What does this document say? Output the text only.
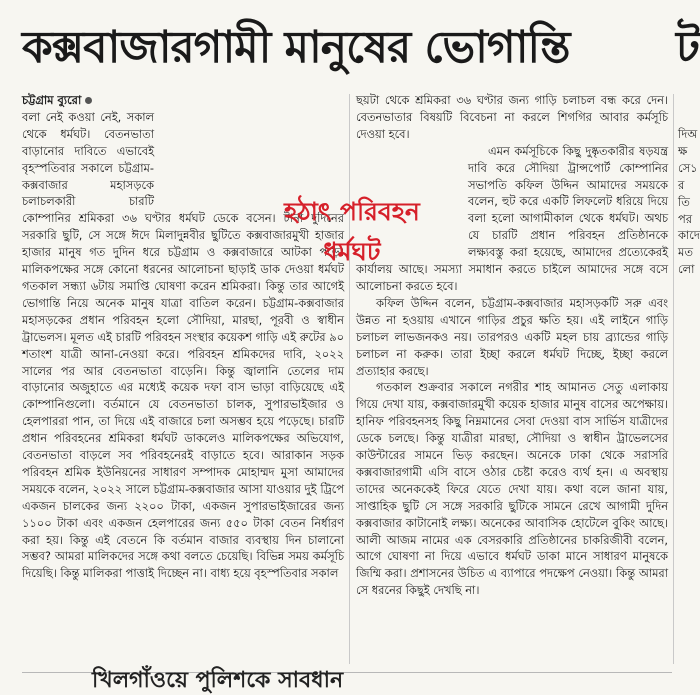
কক্সবাজারগামী মানুষের ভোগান্তি	ট
চট্টগ্রাম ব্যুরো

বলা নেই কওয়া নেই, সকাল থেকে ধর্মঘট। বেতনভাতা বাড়ানোর দাবিতে এভাবেই বৃহস্পতিবার সকালে চট্টগ্রাম-কক্সবাজার মহাসড়কে চলাচলকারী চারটি কোম্পানির শ্রমিকরা ৩৬ ঘণ্টার ধর্মঘট ডেকে বসেন। টানা দুদিনের সরকারি ছুটি, সে সঙ্গে ঈদে মিলাদুন্নবীর ছুটিতে কক্সবাজারমুখী হাজার হাজার মানুষ গত দুদিন ধরে চট্টগ্রাম ও কক্সবাজারে আটকা পড়ে। মালিকপক্ষের সঙ্গে কোনো ধরনের আলোচনা ছাড়াই ডাক দেওয়া ধর্মঘট গতকাল সন্ধ্যা ৬টায় সমাপ্তি ঘোষণা করেন শ্রমিকরা। কিন্তু তার আগেই ভোগান্তি নিয়ে অনেক মানুষ যাত্রা বাতিল করেন। চট্টগ্রাম-কক্সবাজার মহাসড়কের প্রধান পরিবহন হলো সৌদিয়া, মারছা, পূরবী ও স্বাধীন ট্রাভেলস। মূলত এই চারটি পরিবহন সংস্থার কয়েকশ গাড়ি এই রুটের ৯০ শতাংশ যাত্রী আনা-নেওয়া করে। পরিবহন শ্রমিকদের দাবি, ২০২২ সালের পর আর বেতনভাতা বাড়েনি। কিন্তু জ্বালানি তেলের দাম বাড়ানোর অজুহাতে এর মধ্যেই কয়েক দফা বাস ভাড়া বাড়িয়েছে এই কোম্পানিগুলো। বর্তমানে যে বেতনভাতা চালক, সুপারভাইজার ও হেলপাররা পান, তা দিয়ে এই বাজারে চলা অসম্ভব হয়ে পড়েছে। চারটি প্রধান পরিবহনের শ্রমিকরা ধর্মঘট ডাকলেও মালিকপক্ষের অভিযোগ, বেতনভাতা বাড়লে সব পরিবহনেরই বাড়াতে হবে। আরাকান সড়ক পরিবহন শ্রমিক ইউনিয়নের সাধারণ সম্পাদক মোহাম্মদ মুসা আমাদের সময়কে বলেন, ২০২২ সালে চট্টগ্রাম-কক্সবাজার আসা যাওয়ার দুই ট্রিপে একজন চালকের জন্য ২২০০ টাকা, একজন সুপারভাইজারের জন্য ১১০০ টাকা এবং একজন হেলপারের জন্য ৫৫০ টাকা বেতন নির্ধারণ করা হয়। কিন্তু এই বেতনে কি বর্তমান বাজার ব্যবস্থায় দিন চালানো সম্ভব? আমরা মালিকদের সঙ্গে কথা বলতে চেয়েছি। বিভিন্ন সময় কর্মসূচি দিয়েছি। কিন্তু মালিকরা পাত্তাই দিচ্ছেন না। বাধ্য হয়ে বৃহস্পতিবার সকাল

ছয়টা থেকে শ্রমিকরা ৩৬ ঘণ্টার জন্য গাড়ি চলাচল বন্ধ করে দেন। বেতনভাতার বিষয়টি বিবেচনা না করলে শিগগির আবার কর্মসূচি দেওয়া হবে।

এমন কর্মসূচিকে কিছু দুষ্কৃতকারীর ষড়যন্ত্র দাবি করে সৌদিয়া ট্রান্সপোর্ট কোম্পানির সভাপতি কফিল উদ্দিন আমাদের সময়কে বলেন, হুট করে একটি লিফলেট ধরিয়ে দিয়ে বলা হলো আগামীকাল থেকে ধর্মঘট। অথচ যে চারটি প্রধান পরিবহন প্রতিষ্ঠানকে লক্ষ্যবস্তু করা হয়েছে, আমাদের প্রত্যেকেরই কার্যালয় আছে। সমস্যা সমাধান করতে চাইলে আমাদের সঙ্গে বসে আলোচনা করতে হবে।

কফিল উদ্দিন বলেন, চট্টগ্রাম-কক্সবাজার মহাসড়কটি সরু এবং উন্নত না হওয়ায় এখানে গাড়ির প্রচুর ক্ষতি হয়। এই লাইনে গাড়ি চলাচল লাভজনকও নয়। তারপরও একটি মহল চায় ব্র্যান্ডের গাড়ি চলাচল না করুক। তারা ইচ্ছা করলে ধর্মঘট দিচ্ছে, ইচ্ছা করলে প্রত্যাহার করছে।

গতকাল শুক্রবার সকালে নগরীর শাহ আমানত সেতু এলাকায় গিয়ে দেখা যায়, কক্সবাজারমুখী কয়েক হাজার মানুষ বাসের অপেক্ষায়। হানিফ পরিবহনসহ কিছু নিম্নমানের সেবা দেওয়া বাস সার্ভিস যাত্রীদের ডেকে চলছে। কিন্তু যাত্রীরা মারছা, সৌদিয়া ও স্বাধীন ট্রাভেলসের কাউন্টারের সামনে ভিড় করছেন। অনেকে ঢাকা থেকে সরাসরি কক্সবাজারগামী এসি বাসে ওঠার চেষ্টা করেও ব্যর্থ হন। এ অবস্থায় তাদের অনেককেই ফিরে যেতে দেখা যায়। কথা বলে জানা যায়, সাপ্তাহিক ছুটি সে সঙ্গে সরকারি ছুটিকে সামনে রেখে আগামী দুদিন কক্সবাজার কাটানোই লক্ষ্য। অনেকের আবাসিক হোটেলে বুকিং আছে। আলী আজম নামের এক বেসরকারি প্রতিষ্ঠানের চাকরিজীবী বলেন, আগে ঘোষণা না দিয়ে এভাবে ধর্মঘট ডাকা মানে সাধারণ মানুষকে জিম্মি করা। প্রশাসনের উচিত এ ব্যাপারে পদক্ষেপ নেওয়া। কিন্তু আমরা সে ধরনের কিছুই দেখছি না।

হঠাৎ পরিবহন
ধর্মঘট
দিঅক্ষসে১রতি পরকাদেমতলো
খিলগাঁওয়ে পুলিশকে সাবধান
